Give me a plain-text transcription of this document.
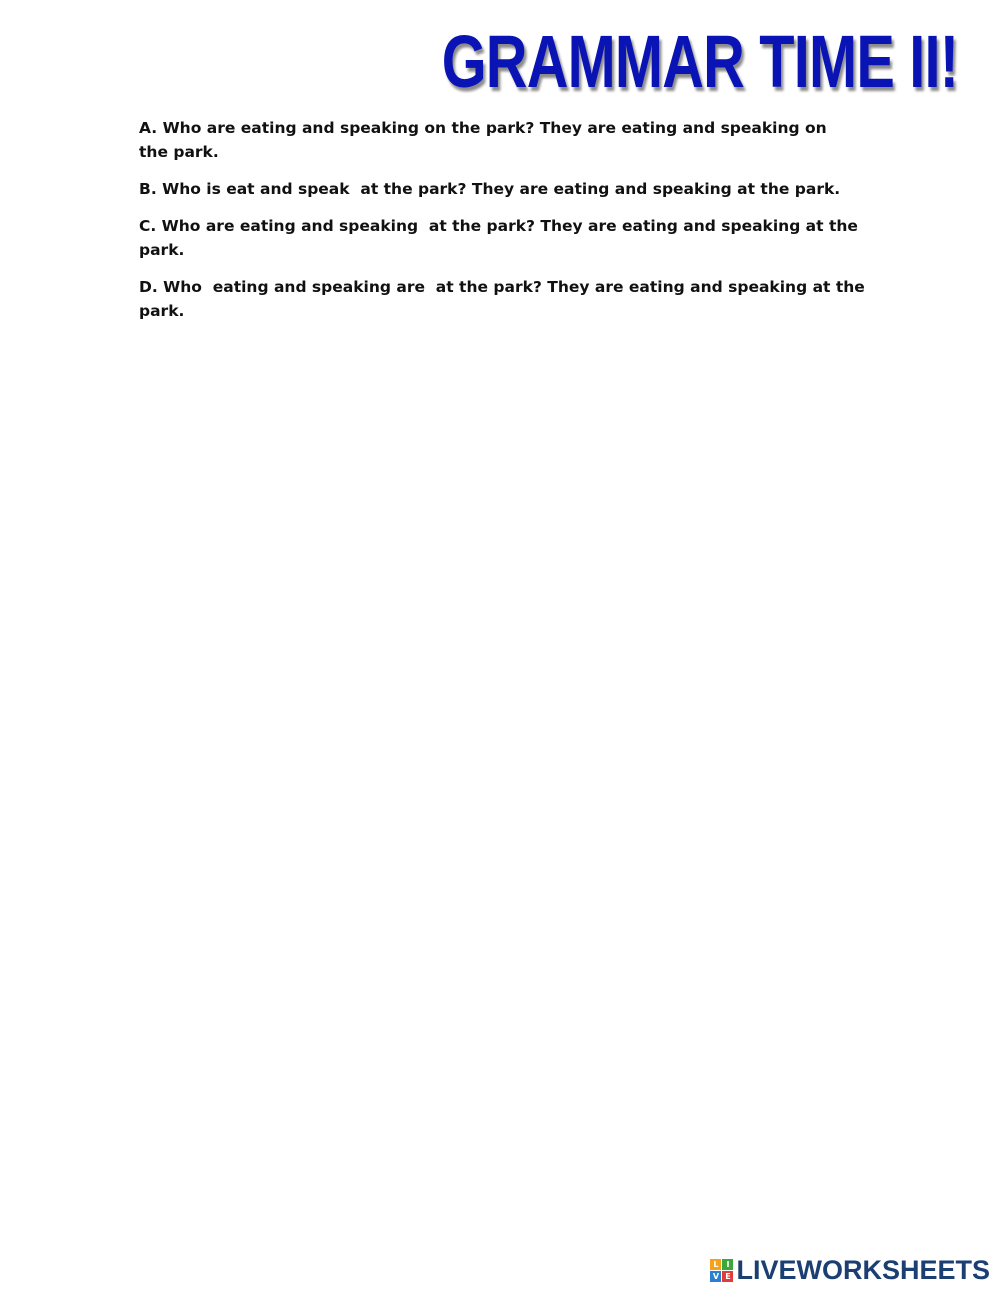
GRAMMAR TIME II!

A. Who are eating and speaking on the park? They are eating and speaking on the park.

B. Who is eat and speak  at the park? They are eating and speaking at the park.

C. Who are eating and speaking  at the park? They are eating and speaking at the park.

D. Who  eating and speaking are  at the park? They are eating and speaking at the park.

L I
V E LIVEWORKSHEETS
